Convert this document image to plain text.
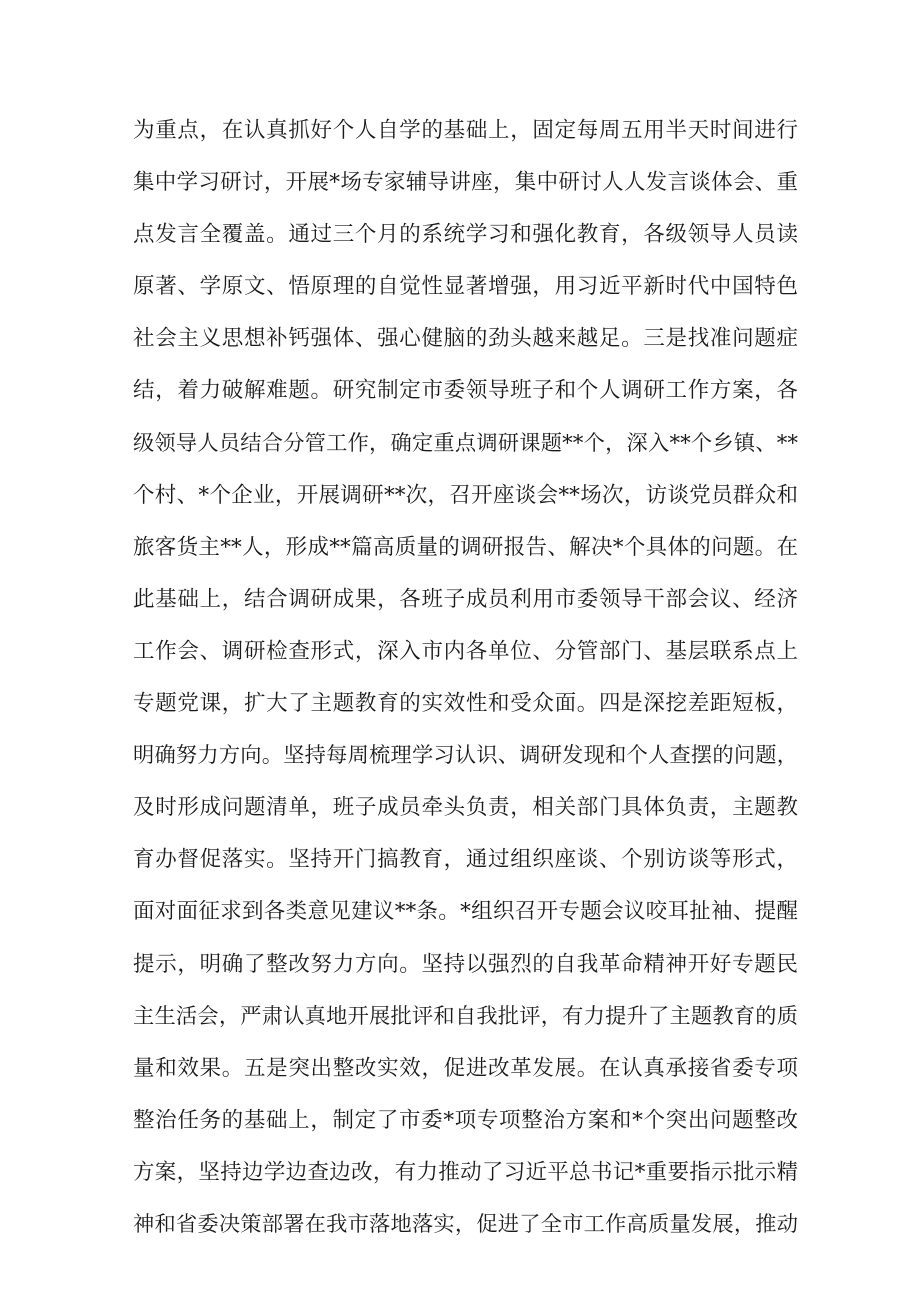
为重点，在认真抓好个人自学的基础上，固定每周五用半天时间进行
集中学习研讨，开展*场专家辅导讲座，集中研讨人人发言谈体会、重
点发言全覆盖。通过三个月的系统学习和强化教育，各级领导人员读
原著、学原文、悟原理的自觉性显著增强，用习近平新时代中国特色
社会主义思想补钙强体、强心健脑的劲头越来越足。三是找准问题症
结，着力破解难题。研究制定市委领导班子和个人调研工作方案，各
级领导人员结合分管工作，确定重点调研课题**个，深入**个乡镇、**
个村、*个企业，开展调研**次，召开座谈会**场次，访谈党员群众和
旅客货主**人，形成**篇高质量的调研报告、解决*个具体的问题。在
此基础上，结合调研成果，各班子成员利用市委领导干部会议、经济
工作会、调研检查形式，深入市内各单位、分管部门、基层联系点上
专题党课，扩大了主题教育的实效性和受众面。四是深挖差距短板，
明确努力方向。坚持每周梳理学习认识、调研发现和个人查摆的问题，
及时形成问题清单，班子成员牵头负责，相关部门具体负责，主题教
育办督促落实。坚持开门搞教育，通过组织座谈、个别访谈等形式，
面对面征求到各类意见建议**条。*组织召开专题会议咬耳扯袖、提醒
提示，明确了整改努力方向。坚持以强烈的自我革命精神开好专题民
主生活会，严肃认真地开展批评和自我批评，有力提升了主题教育的质
量和效果。五是突出整改实效，促进改革发展。在认真承接省委专项
整治任务的基础上，制定了市委*项专项整治方案和*个突出问题整改
方案，坚持边学边查边改，有力推动了习近平总书记*重要指示批示精
神和省委决策部署在我市落地落实，促进了全市工作高质量发展，推动
